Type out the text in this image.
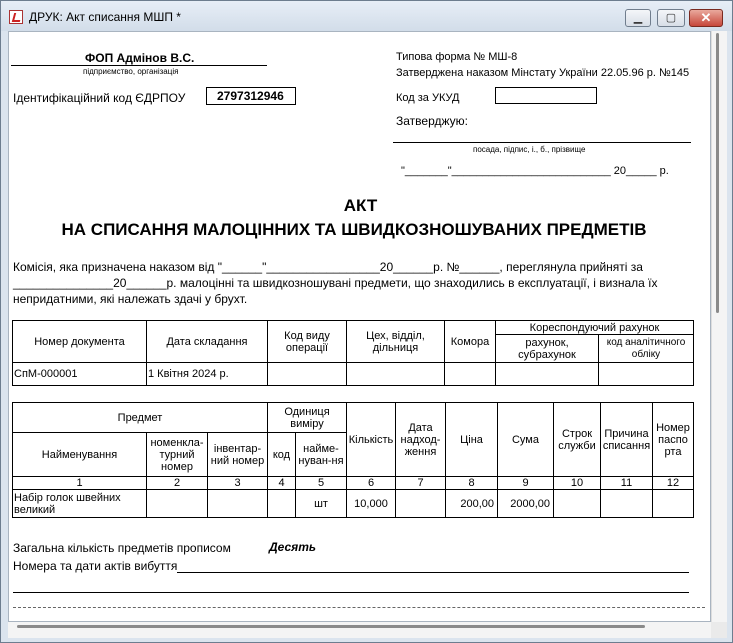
ДРУК: Акт списання МШП *	▁	▢	✕
ФОП Адмінов В.С.
підприємство, організація
Ідентифікаційний код ЄДРПОУ	2797312946
Типова форма № МШ-8
Затверджена наказом Мінстату України 22.05.96 р. №145
Код за УКУД
Затверджую:
посада, підпис, і., б., прізвище
"_______"__________________________ 20_____ р.
АКТ
НА СПИСАННЯ МАЛОЦІННИХ ТА ШВИДКОЗНОШУВАНИХ ПРЕДМЕТІВ
Комісія, яка призначена наказом від "______"_________________20______р. №______, переглянула прийняті за
_______________20______р. малоцінні та швидкозношувані предмети, що знаходились в експлуатації, і визнала їх
непридатними, які належать здачі у брухт.
Номер документа	Дата складання	Код виду операції	Цех, відділ, дільниця	Комора	Кореспондуючий рахунок	
					рахунок, субрахунок	код аналітичного обліку
СпМ-000001	1 Квітня 2024 р.					
Предмет			Одиниця виміру		Кількість	Дата надход-ження	Ціна	Сума	Строк служби	Причина списання	Номер паспо рта
Найменування	номенкла-турний номер	інвентар-ний номер	код	найме-нуван-ня							
1	2	3	4	5	6	7	8	9	10	11	12
Набір голок швейних великий				шт	10,000		200,00	2000,00			
Загальна кількість предметів прописом	Десять
Номера та дати актів вибуття
